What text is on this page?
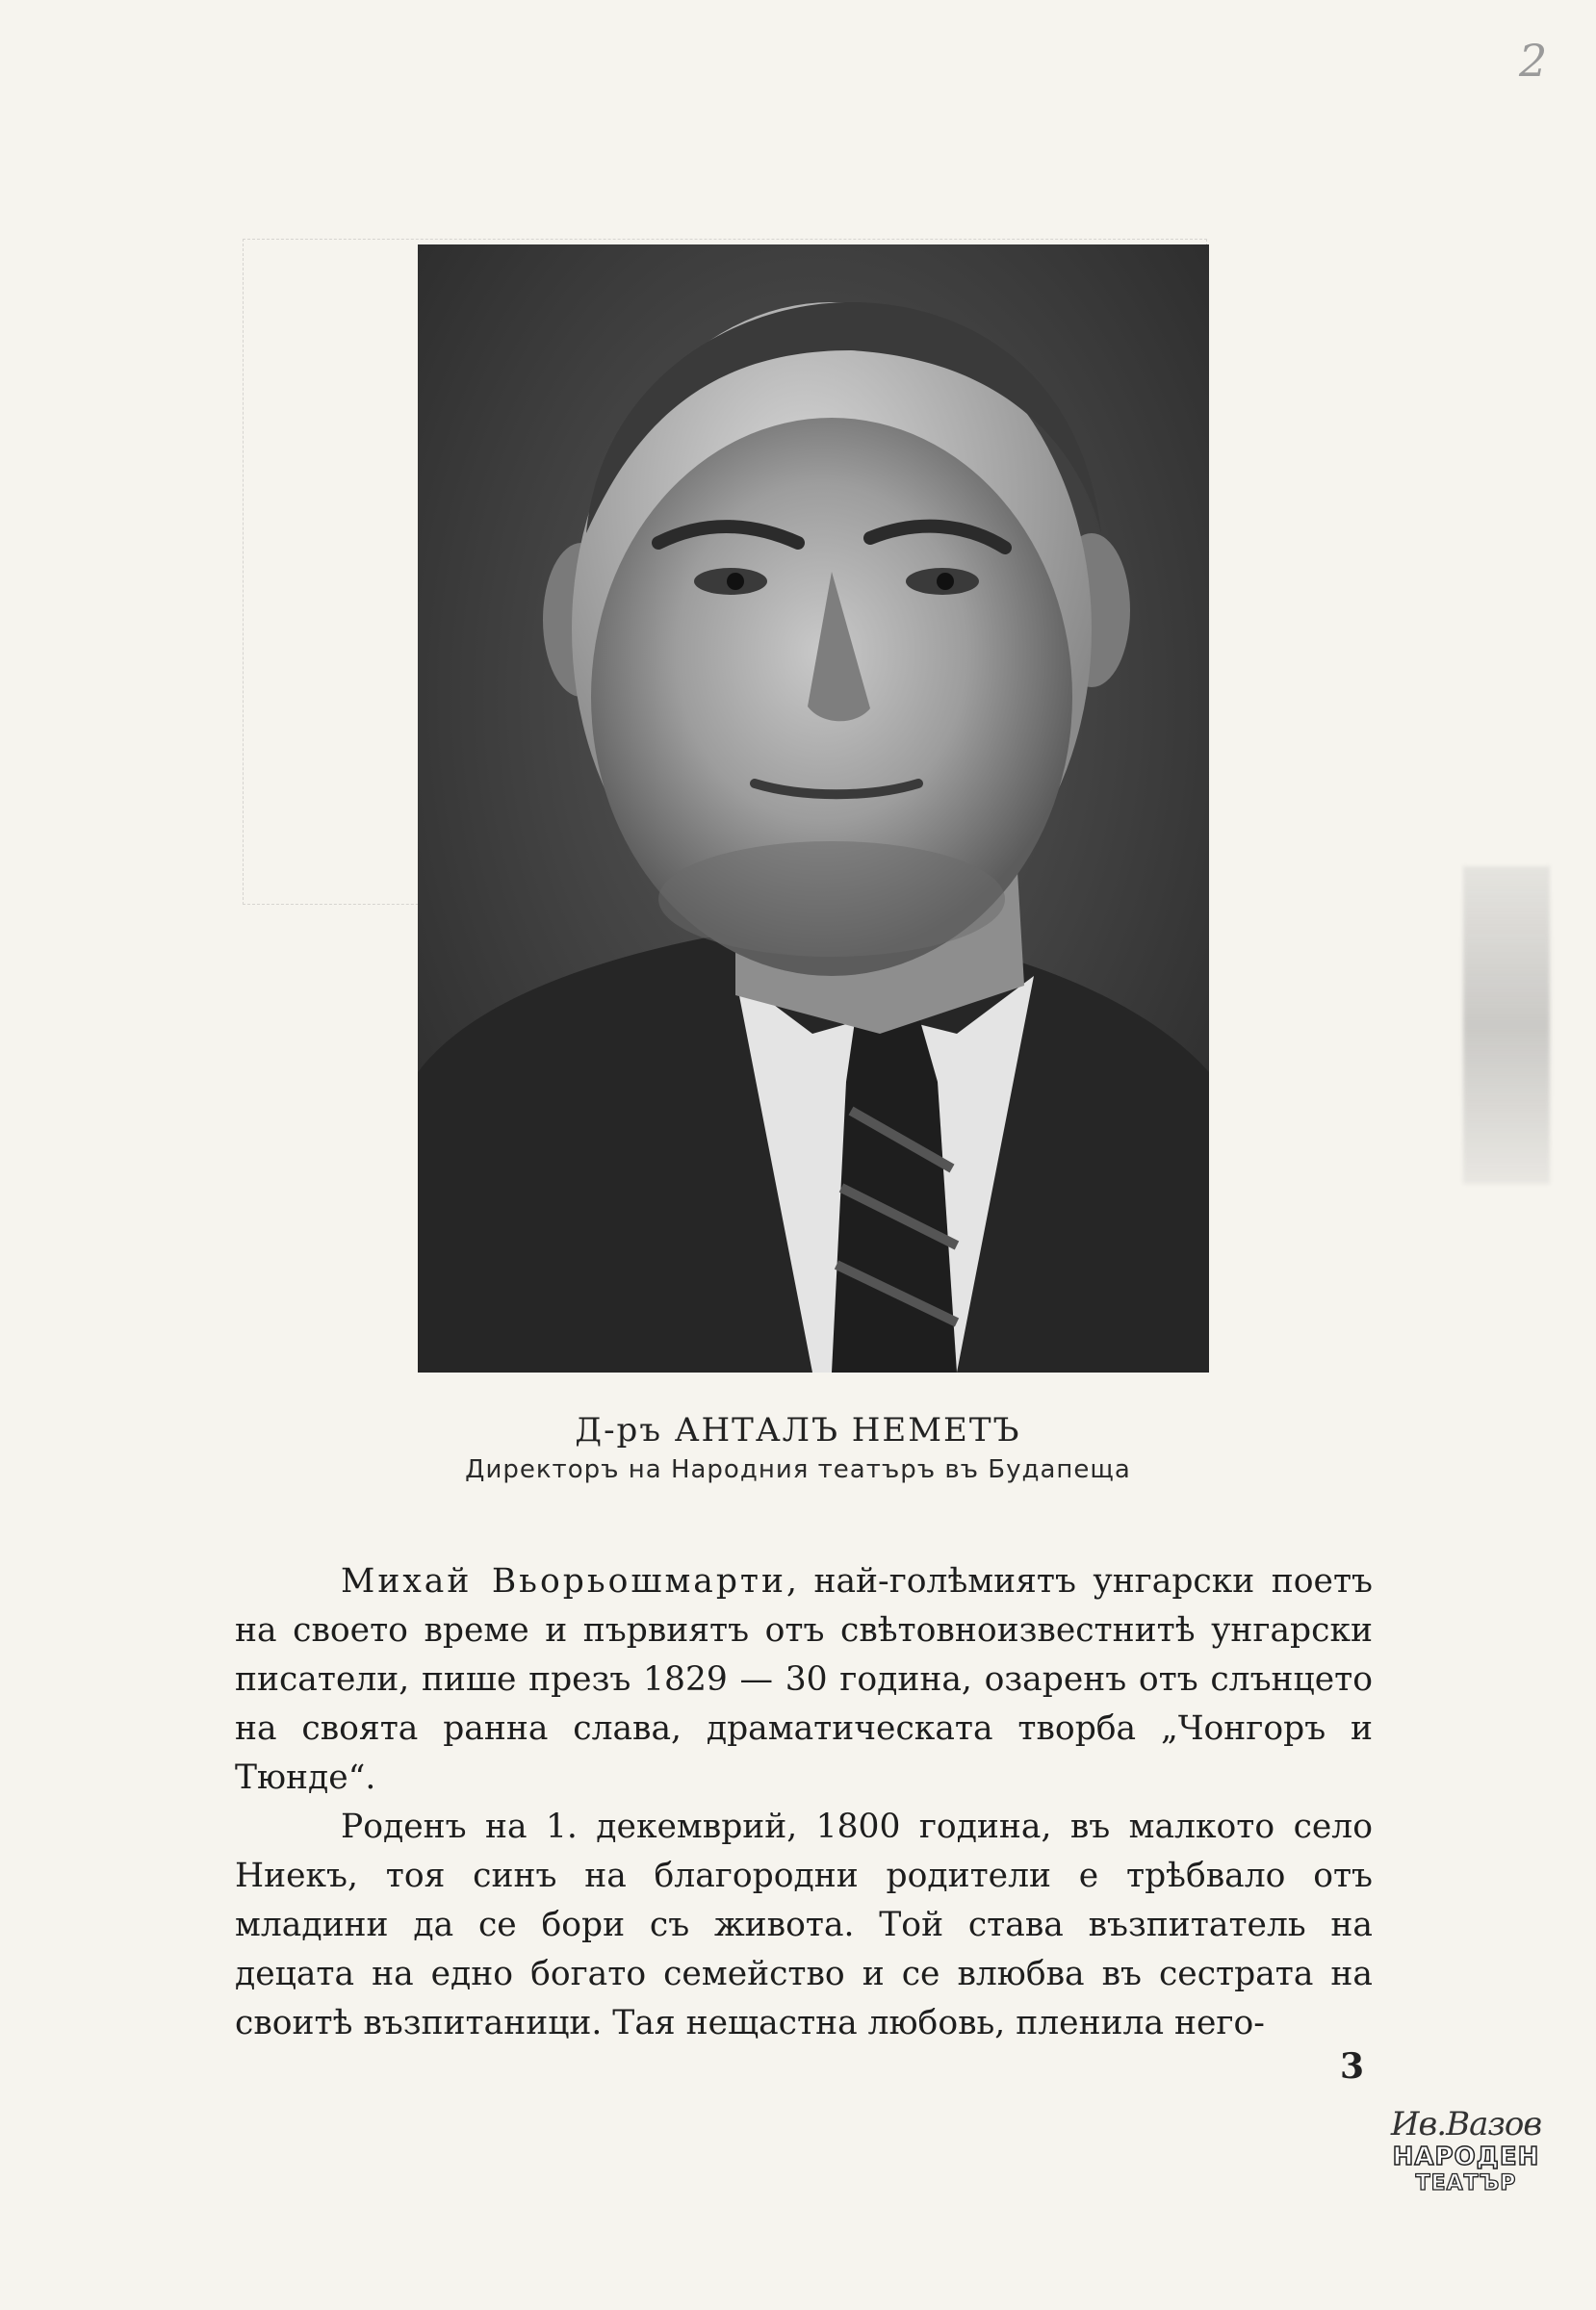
2
Д-ръ АНТАЛЪ НЕМЕТЪ
Директоръ на Народния театъръ въ Будапеща

Михай Вьорьошмарти, най-голѣмиятъ унгарски поетъ на своето време и първиятъ отъ свѣтовноизвестнитѣ унгарски писатели, пише презъ 1829 — 30 година, озаренъ отъ слънцето на своята ранна слава, драматическата творба „Чонгоръ и Тюнде“.

Роденъ на 1. декемврий, 1800 година, въ малкото село Ниекъ, тоя синъ на благородни родители е трѣбвало отъ младини да се бори съ живота. Той става възпитатель на децата на едно богато семейство и се влюбва въ сестрата на своитѣ възпитаници. Тая нещастна любовь, пленила него-

3
Ив.Вазов
НАРОДЕН
ТЕАТЪР
